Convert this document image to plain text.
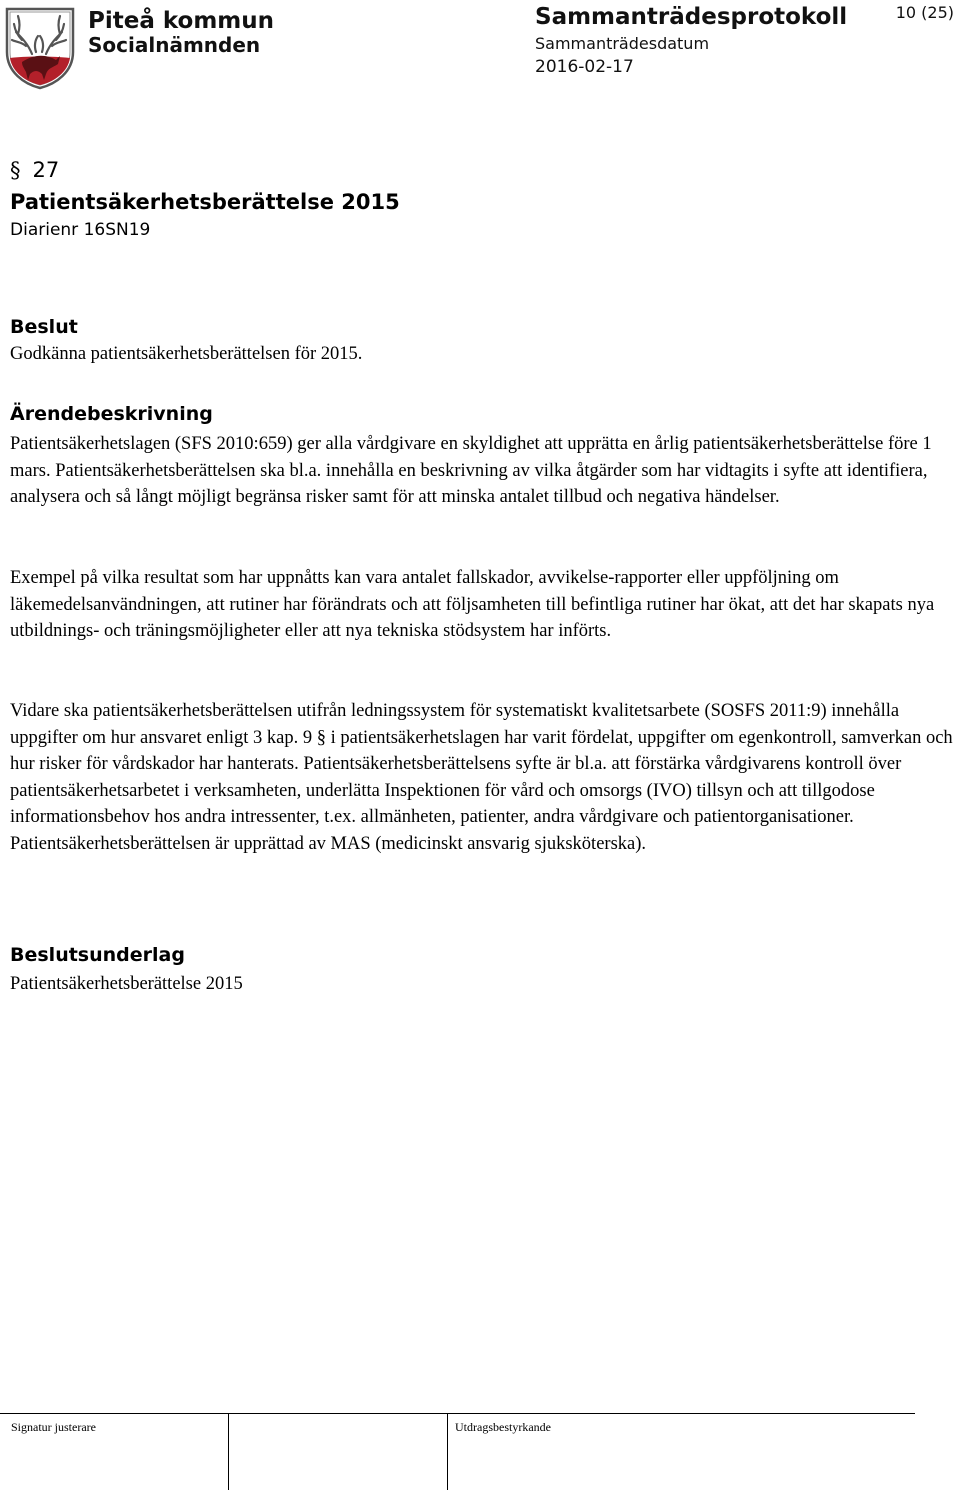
Piteå kommun
Socialnämnden
Sammanträdesprotokoll
Sammanträdesdatum
2016-02-17
10 (25)
§ 27
Patientsäkerhetsberättelse 2015
Diarienr 16SN19
Beslut

Godkänna patientsäkerhetsberättelsen för 2015.

Ärendebeskrivning

Patientsäkerhetslagen (SFS 2010:659) ger alla vårdgivare en skyldighet att upprätta en årlig patientsäkerhetsberättelse före 1 mars. Patientsäkerhetsberättelsen ska bl.a. innehålla en beskrivning av vilka åtgärder som har vidtagits i syfte att identifiera, analysera och så långt möjligt begränsa risker samt för att minska antalet tillbud och negativa händelser.

Exempel på vilka resultat som har uppnåtts kan vara antalet fallskador, avvikelse-rapporter eller uppföljning om läkemedelsanvändningen, att rutiner har förändrats och att följsamheten till befintliga rutiner har ökat, att det har skapats nya utbildnings- och träningsmöjligheter eller att nya tekniska stödsystem har införts.

Vidare ska patientsäkerhetsberättelsen utifrån ledningssystem för systematiskt kvalitetsarbete (SOSFS 2011:9) innehålla uppgifter om hur ansvaret enligt 3 kap. 9 § i patientsäkerhetslagen har varit fördelat, uppgifter om egenkontroll, samverkan och hur risker för vårdskador har hanterats. Patientsäkerhetsberättelsens syfte är bl.a. att förstärka vårdgivarens kontroll över patientsäkerhetsarbetet i verksamheten, underlätta Inspektionen för vård och omsorgs (IVO) tillsyn och att tillgodose informationsbehov hos andra intressenter, t.ex. allmänheten, patienter, andra vårdgivare och patientorganisationer. Patientsäkerhetsberättelsen är upprättad av MAS (medicinskt ansvarig sjuksköterska).

Beslutsunderlag

Patientsäkerhetsberättelse 2015

Signatur justerare	Utdragsbestyrkande
